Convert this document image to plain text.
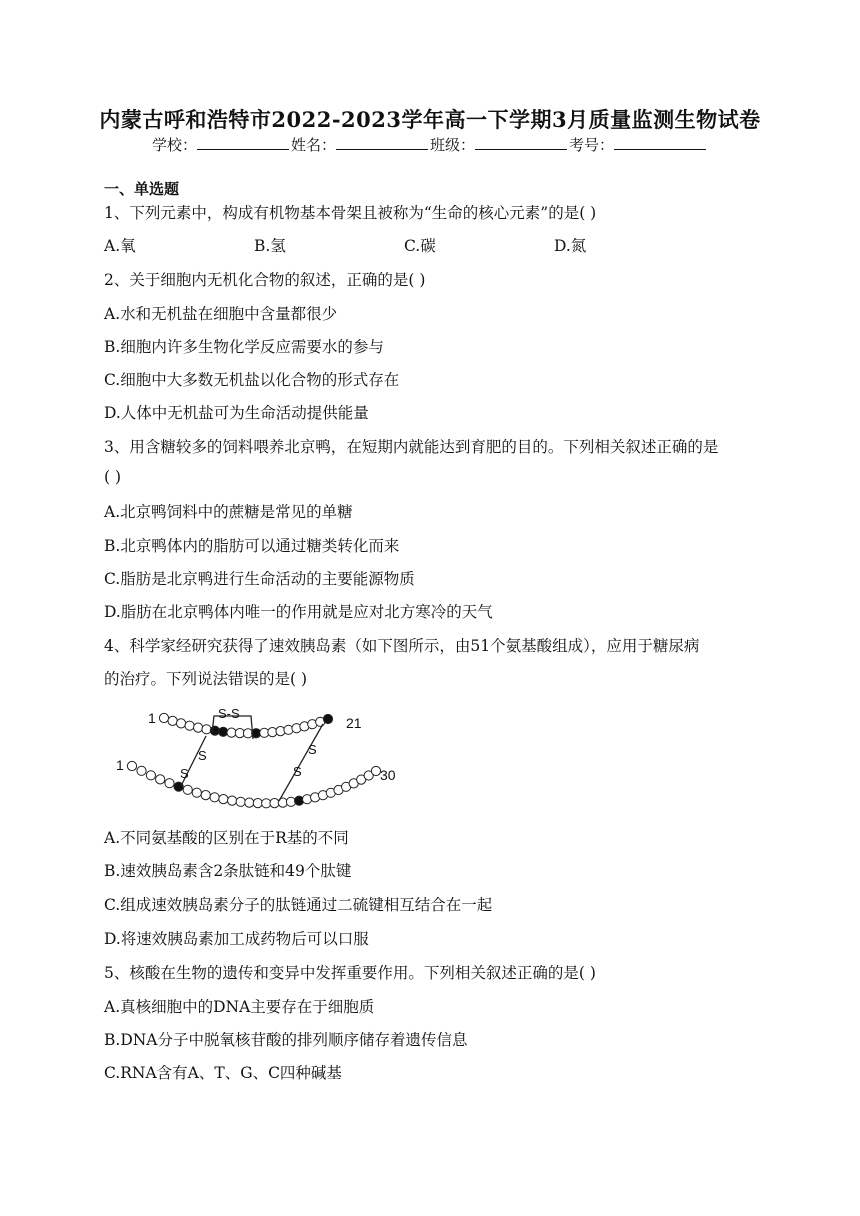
内蒙古呼和浩特市2022-2023学年高一下学期3月质量监测生物试卷
学校：	姓名：	班级：	考号：
一、单选题
1、下列元素中，构成有机物基本骨架且被称为“生命的核心元素”的是( )
A.氧	B.氢	C.碳	D.氮
2、关于细胞内无机化合物的叙述，正确的是( )
A.水和无机盐在细胞中含量都很少
B.细胞内许多生物化学反应需要水的参与
C.细胞中大多数无机盐以化合物的形式存在
D.人体中无机盐可为生命活动提供能量
3、用含糖较多的饲料喂养北京鸭，在短期内就能达到育肥的目的。下列相关叙述正确的是
( )
A.北京鸭饲料中的蔗糖是常见的单糖
B.北京鸭体内的脂肪可以通过糖类转化而来
C.脂肪是北京鸭进行生命活动的主要能源物质
D.脂肪在北京鸭体内唯一的作用就是应对北方寒冷的天气
4、科学家经研究获得了速效胰岛素（如下图所示，由51个氨基酸组成），应用于糖尿病
的治疗。下列说法错误的是( )
S-S
S
S
S
S
1	21
1
30
A.不同氨基酸的区别在于R基的不同
B.速效胰岛素含2条肽链和49个肽键
C.组成速效胰岛素分子的肽链通过二硫键相互结合在一起
D.将速效胰岛素加工成药物后可以口服
5、核酸在生物的遗传和变异中发挥重要作用。下列相关叙述正确的是( )
A.真核细胞中的DNA主要存在于细胞质
B.DNA分子中脱氧核苷酸的排列顺序储存着遗传信息
C.RNA含有A、T、G、C四种碱基
